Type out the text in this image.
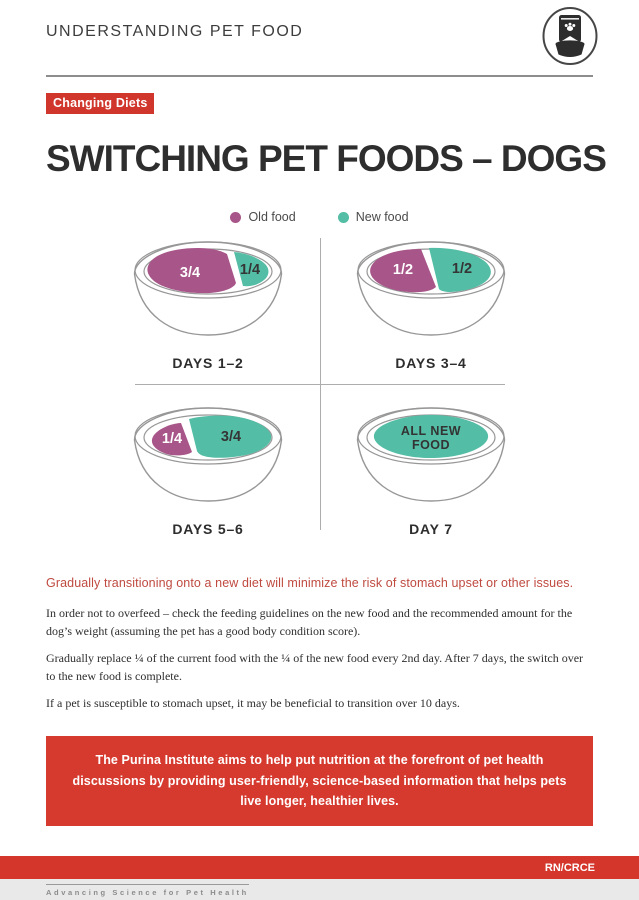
UNDERSTANDING PET FOOD
Changing Diets
SWITCHING PET FOODS – DOGS
Old food	New food
3/4	1/4
DAYS 1–2
1/2	1/2
DAYS 3–4
1/4	3/4
DAYS 5–6
ALL NEW
FOOD
DAY 7

Gradually transitioning onto a new diet will minimize the risk of stomach upset or other issues.

In order not to overfeed – check the feeding guidelines on the new food and the recommended amount for the dog’s weight (assuming the pet has a good body condition score).

Gradually replace ¼ of the current food with the ¼ of the new food every 2nd day. After 7 days, the switch over to the new food is complete.

If a pet is susceptible to stomach upset, it may be beneficial to transition over 10 days.

The Purina Institute aims to help put nutrition at the forefront of pet health discussions by providing user-friendly, science-based information that helps pets live longer, healthier lives.
Advancing Science for Pet Health
RN/CRCE
